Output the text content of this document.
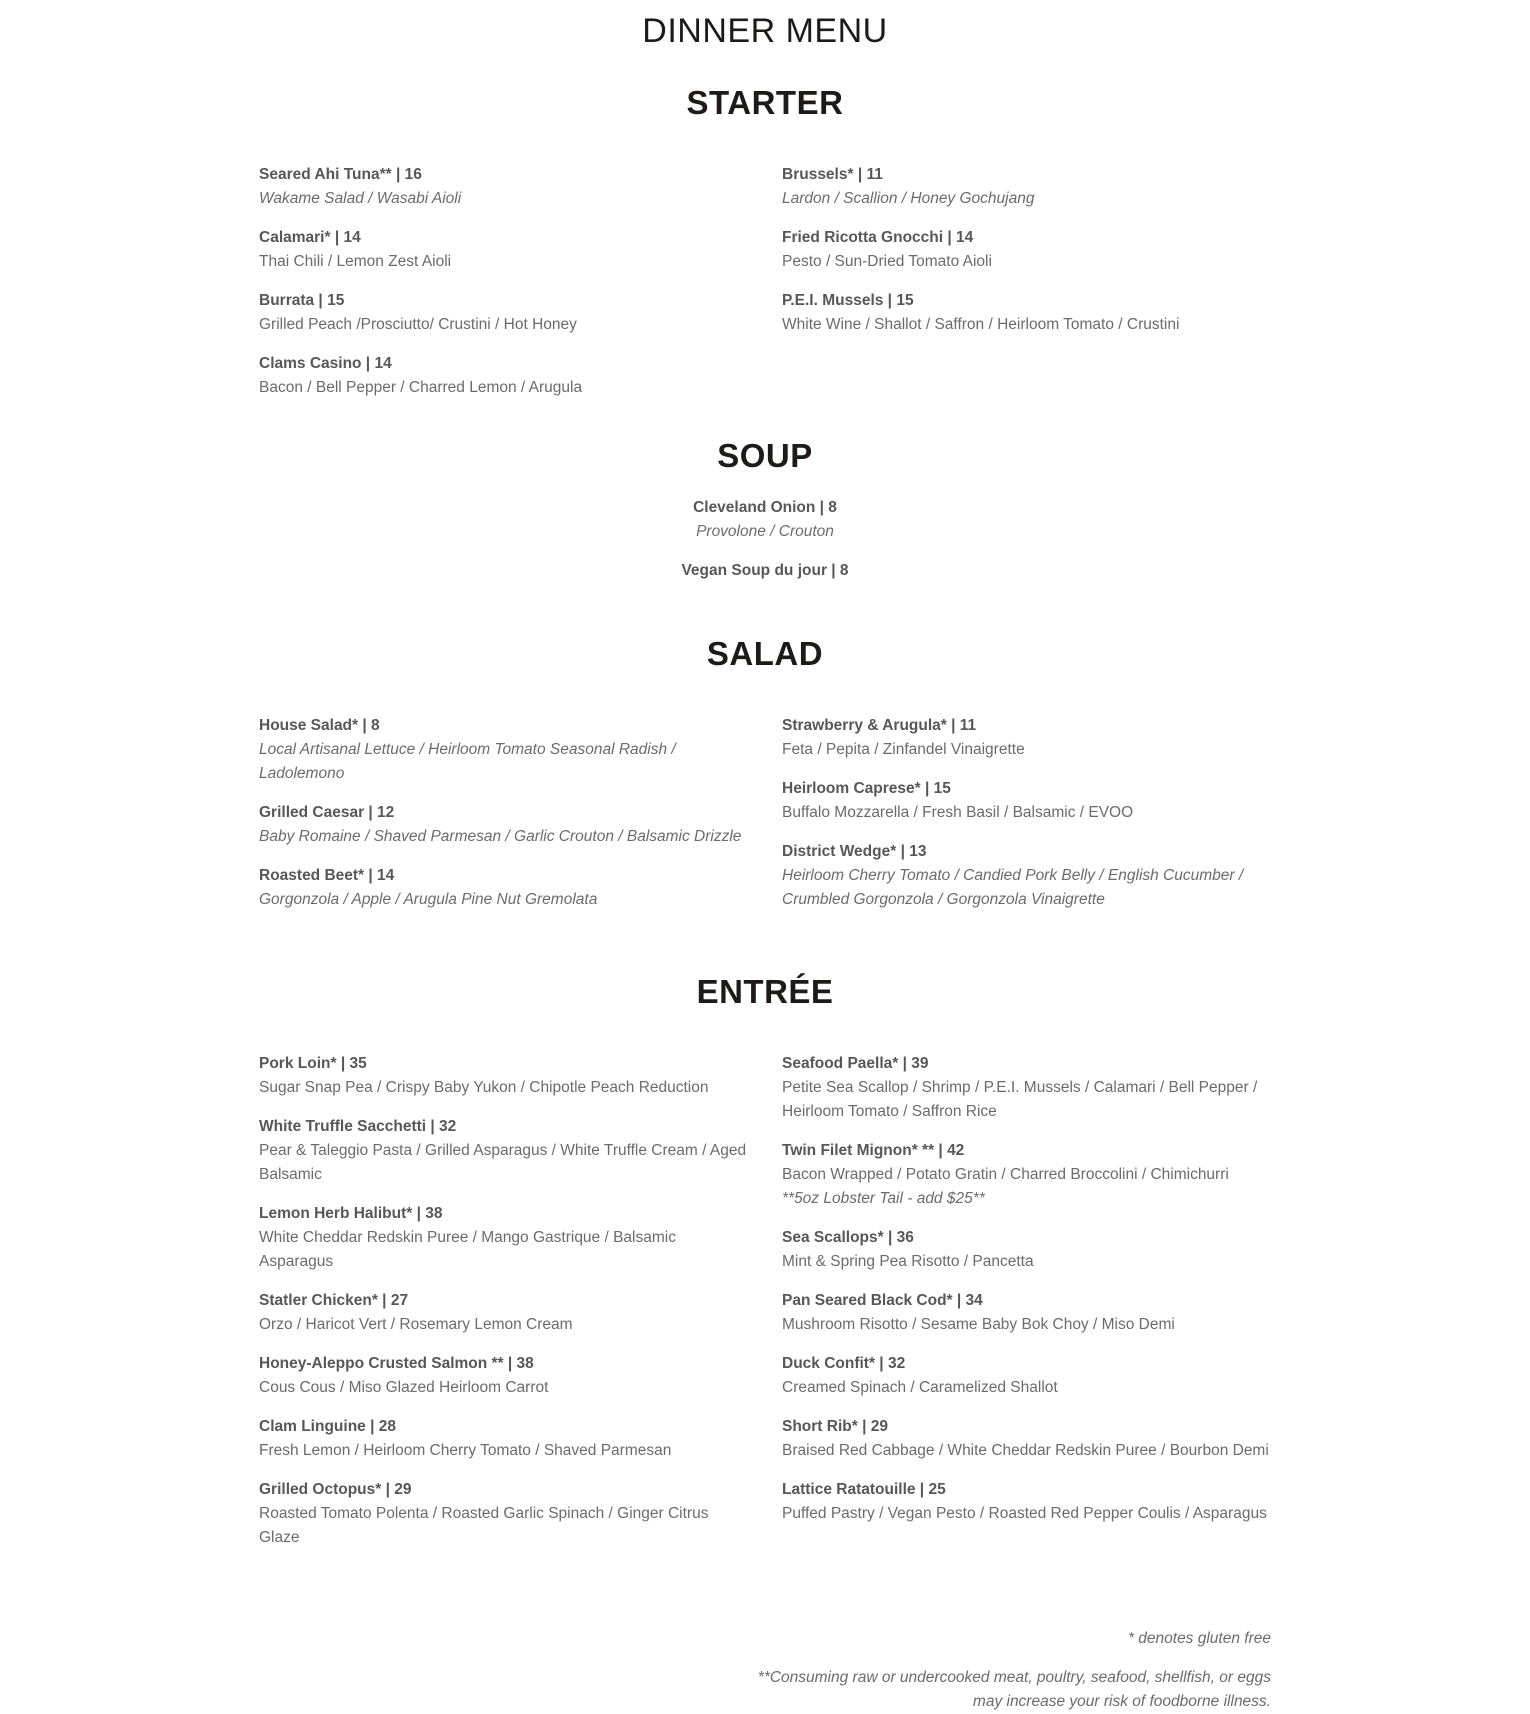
DINNER MENU
STARTER
Seared Ahi Tuna** | 16
Wakame Salad / Wasabi Aioli
Calamari* | 14
Thai Chili / Lemon Zest Aioli
Burrata | 15
Grilled Peach /Prosciutto/ Crustini / Hot Honey
Clams Casino | 14
Bacon / Bell Pepper / Charred Lemon / Arugula
Brussels* | 11
Lardon / Scallion / Honey Gochujang
Fried Ricotta Gnocchi | 14
Pesto / Sun-Dried Tomato Aioli
P.E.I. Mussels | 15
White Wine / Shallot / Saffron / Heirloom Tomato / Crustini
SOUP
Cleveland Onion | 8
Provolone / Crouton
Vegan Soup du jour | 8
SALAD
House Salad* | 8
Local Artisanal Lettuce / Heirloom Tomato Seasonal Radish / Ladolemono
Grilled Caesar | 12
Baby Romaine / Shaved Parmesan / Garlic Crouton / Balsamic Drizzle
Roasted Beet* | 14
Gorgonzola / Apple / Arugula Pine Nut Gremolata
Strawberry & Arugula* | 11
Feta / Pepita / Zinfandel Vinaigrette
Heirloom Caprese* | 15
Buffalo Mozzarella / Fresh Basil / Balsamic / EVOO
District Wedge* | 13
Heirloom Cherry Tomato / Candied Pork Belly / English Cucumber / Crumbled Gorgonzola / Gorgonzola Vinaigrette
ENTRÉE
Pork Loin* | 35
Sugar Snap Pea / Crispy Baby Yukon / Chipotle Peach Reduction
White Truffle Sacchetti | 32
Pear & Taleggio Pasta / Grilled Asparagus / White Truffle Cream / Aged Balsamic
Lemon Herb Halibut* | 38
White Cheddar Redskin Puree / Mango Gastrique / Balsamic Asparagus
Statler Chicken* | 27
Orzo / Haricot Vert / Rosemary Lemon Cream
Honey-Aleppo Crusted Salmon ** | 38
Cous Cous / Miso Glazed Heirloom Carrot
Clam Linguine | 28
Fresh Lemon / Heirloom Cherry Tomato / Shaved Parmesan
Grilled Octopus* | 29
Roasted Tomato Polenta / Roasted Garlic Spinach / Ginger Citrus Glaze
Seafood Paella* | 39
Petite Sea Scallop / Shrimp / P.E.I. Mussels / Calamari / Bell Pepper / Heirloom Tomato / Saffron Rice
Twin Filet Mignon* ** | 42
Bacon Wrapped / Potato Gratin / Charred Broccolini / Chimichurri
**5oz Lobster Tail - add $25**
Sea Scallops* | 36
Mint & Spring Pea Risotto / Pancetta
Pan Seared Black Cod* | 34
Mushroom Risotto / Sesame Baby Bok Choy / Miso Demi
Duck Confit* | 32
Creamed Spinach / Caramelized Shallot
Short Rib* | 29
Braised Red Cabbage / White Cheddar Redskin Puree / Bourbon Demi
Lattice Ratatouille | 25
Puffed Pastry / Vegan Pesto / Roasted Red Pepper Coulis / Asparagus
* denotes gluten free
**Consuming raw or undercooked meat, poultry, seafood, shellfish, or eggs may increase your risk of foodborne illness.
